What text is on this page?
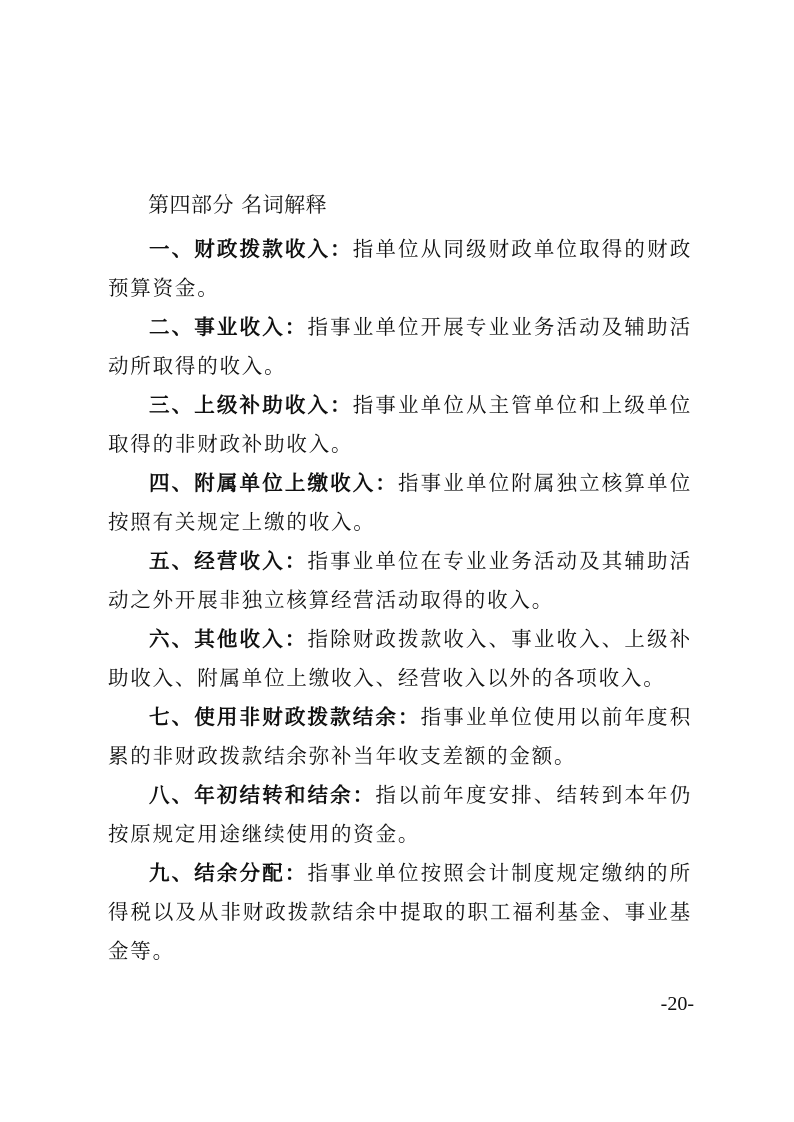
第四部分 名词解释

一、财政拨款收入：指单位从同级财政单位取得的财政预算资金。

二、事业收入：指事业单位开展专业业务活动及辅助活动所取得的收入。

三、上级补助收入：指事业单位从主管单位和上级单位取得的非财政补助收入。

四、附属单位上缴收入：指事业单位附属独立核算单位按照有关规定上缴的收入。

五、经营收入：指事业单位在专业业务活动及其辅助活动之外开展非独立核算经营活动取得的收入。

六、其他收入：指除财政拨款收入、事业收入、上级补助收入、附属单位上缴收入、经营收入以外的各项收入。

七、使用非财政拨款结余：指事业单位使用以前年度积累的非财政拨款结余弥补当年收支差额的金额。

八、年初结转和结余：指以前年度安排、结转到本年仍按原规定用途继续使用的资金。

九、结余分配：指事业单位按照会计制度规定缴纳的所得税以及从非财政拨款结余中提取的职工福利基金、事业基金等。

-20-
